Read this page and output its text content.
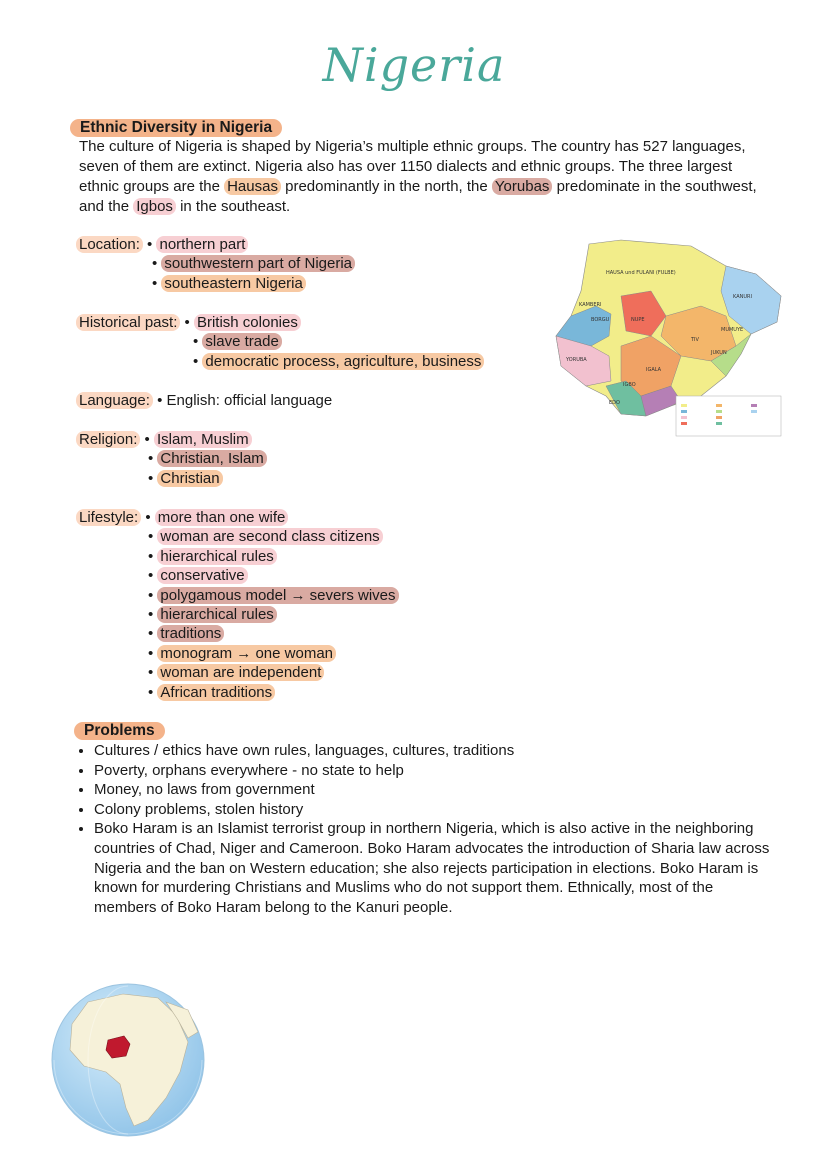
Nigeria
Ethnic Diversity in Nigeria
The culture of Nigeria is shaped by Nigeria’s multiple ethnic groups. The country has 527 languages, seven of them are extinct. Nigeria also has over 1150 dialects and ethnic groups. The three largest ethnic groups are the Hausas predominantly in the north, the Yorubas predominate in the southwest, and the Igbos in the southeast.
Location: • northern part
• southwestern part of Nigeria
• southeastern Nigeria
Historical past: • British colonies
• slave trade
• democratic process, agriculture, business
Language: • English: official language
Religion: • Islam, Muslim
• Christian, Islam
• Christian
Lifestyle: • more than one wife
• woman are second class citizens
• hierarchical rules
• conservative
• polygamous model → severs wives
• hierarchical rules
• traditions
• monogram → one woman
• woman are independent
• African traditions
Problems
• Cultures / ethics have own rules, languages, cultures, traditions
• Poverty, orphans everywhere - no state to help
• Money, no laws from government
• Colony problems, stolen history
• Boko Haram is an Islamist terrorist group in northern Nigeria, which is also active in the neighboring countries of Chad, Niger and Cameroon. Boko Haram advocates the introduction of Sharia law across Nigeria and the ban on Western education; she also rejects participation in elections. Boko Haram is known for murdering Christians and Muslims who do not support them. Ethnically, most of the members of Boko Haram belong to the Kanuri people.
HAUSA und FULANI (FULBE)
KANURI
YORUBA
IGBO
TIV
JUKUN
NUPE
IGALA
EDO
BORGU
KAMBERI
MUMUYE
